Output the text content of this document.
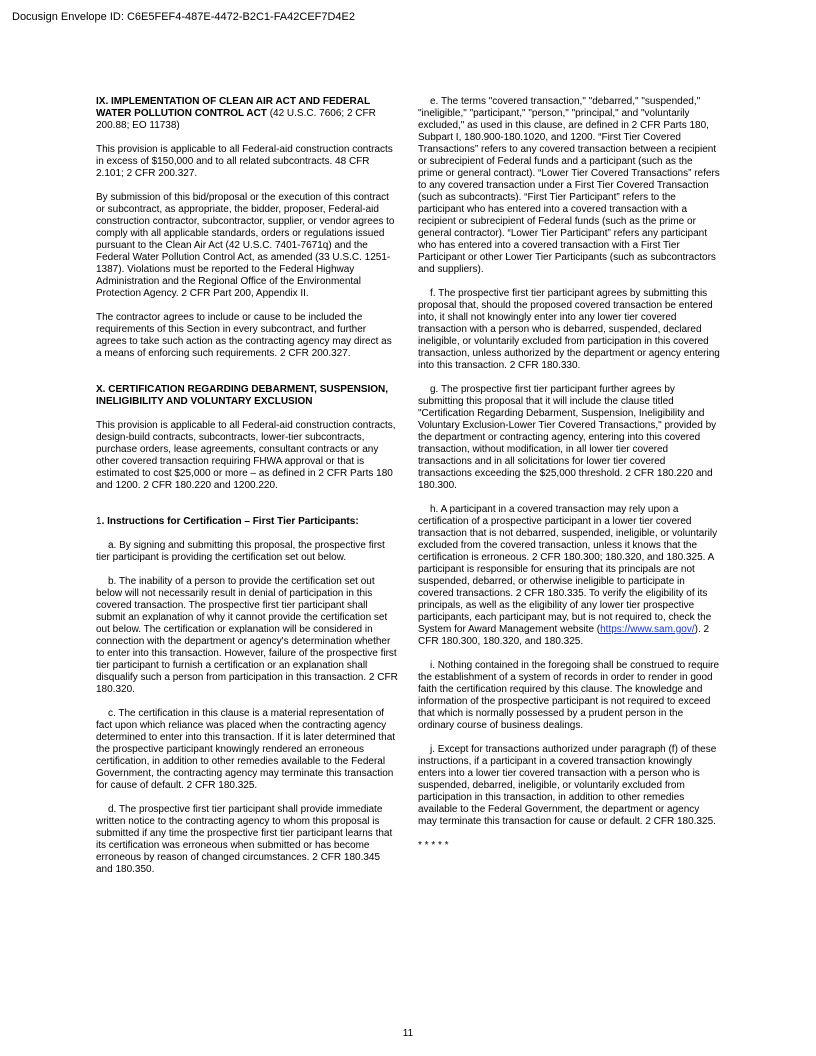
Docusign Envelope ID: C6E5FEF4-487E-4472-B2C1-FA42CEF7D4E2
IX. IMPLEMENTATION OF CLEAN AIR ACT AND FEDERAL WATER POLLUTION CONTROL ACT (42 U.S.C. 7606; 2 CFR 200.88; EO 11738)

This provision is applicable to all Federal-aid construction contracts in excess of $150,000 and to all related subcontracts. 48 CFR 2.101; 2 CFR 200.327.

By submission of this bid/proposal or the execution of this contract or subcontract, as appropriate, the bidder, proposer, Federal-aid construction contractor, subcontractor, supplier, or vendor agrees to comply with all applicable standards, orders or regulations issued pursuant to the Clean Air Act (42 U.S.C. 7401-7671q) and the Federal Water Pollution Control Act, as amended (33 U.S.C. 1251-1387). Violations must be reported to the Federal Highway Administration and the Regional Office of the Environmental Protection Agency. 2 CFR Part 200, Appendix II.

The contractor agrees to include or cause to be included the requirements of this Section in every subcontract, and further agrees to take such action as the contracting agency may direct as a means of enforcing such requirements. 2 CFR 200.327.

X. CERTIFICATION REGARDING DEBARMENT, SUSPENSION, INELIGIBILITY AND VOLUNTARY EXCLUSION

This provision is applicable to all Federal-aid construction contracts, design-build contracts, subcontracts, lower-tier subcontracts, purchase orders, lease agreements, consultant contracts or any other covered transaction requiring FHWA approval or that is estimated to cost $25,000 or more – as defined in 2 CFR Parts 180 and 1200. 2 CFR 180.220 and 1200.220.

1. Instructions for Certification – First Tier Participants:

a. By signing and submitting this proposal, the prospective first tier participant is providing the certification set out below.

b. The inability of a person to provide the certification set out below will not necessarily result in denial of participation in this covered transaction. The prospective first tier participant shall submit an explanation of why it cannot provide the certification set out below. The certification or explanation will be considered in connection with the department or agency's determination whether to enter into this transaction. However, failure of the prospective first tier participant to furnish a certification or an explanation shall disqualify such a person from participation in this transaction. 2 CFR 180.320.

c. The certification in this clause is a material representation of fact upon which reliance was placed when the contracting agency determined to enter into this transaction. If it is later determined that the prospective participant knowingly rendered an erroneous certification, in addition to other remedies available to the Federal Government, the contracting agency may terminate this transaction for cause of default. 2 CFR 180.325.

d. The prospective first tier participant shall provide immediate written notice to the contracting agency to whom this proposal is submitted if any time the prospective first tier participant learns that its certification was erroneous when submitted or has become erroneous by reason of changed circumstances. 2 CFR 180.345 and 180.350.

e. The terms "covered transaction," "debarred," "suspended," "ineligible," "participant," "person," "principal," and "voluntarily excluded," as used in this clause, are defined in 2 CFR Parts 180, Subpart I, 180.900-180.1020, and 1200. “First Tier Covered Transactions” refers to any covered transaction between a recipient or subrecipient of Federal funds and a participant (such as the prime or general contract). “Lower Tier Covered Transactions” refers to any covered transaction under a First Tier Covered Transaction (such as subcontracts). “First Tier Participant” refers to the participant who has entered into a covered transaction with a recipient or subrecipient of Federal funds (such as the prime or general contractor). “Lower Tier Participant” refers any participant who has entered into a covered transaction with a First Tier Participant or other Lower Tier Participants (such as subcontractors and suppliers).

f. The prospective first tier participant agrees by submitting this proposal that, should the proposed covered transaction be entered into, it shall not knowingly enter into any lower tier covered transaction with a person who is debarred, suspended, declared ineligible, or voluntarily excluded from participation in this covered transaction, unless authorized by the department or agency entering into this transaction. 2 CFR 180.330.

g. The prospective first tier participant further agrees by submitting this proposal that it will include the clause titled "Certification Regarding Debarment, Suspension, Ineligibility and Voluntary Exclusion-Lower Tier Covered Transactions," provided by the department or contracting agency, entering into this covered transaction, without modification, in all lower tier covered transactions and in all solicitations for lower tier covered transactions exceeding the $25,000 threshold. 2 CFR 180.220 and 180.300.

h. A participant in a covered transaction may rely upon a certification of a prospective participant in a lower tier covered transaction that is not debarred, suspended, ineligible, or voluntarily excluded from the covered transaction, unless it knows that the certification is erroneous. 2 CFR 180.300; 180.320, and 180.325. A participant is responsible for ensuring that its principals are not suspended, debarred, or otherwise ineligible to participate in covered transactions. 2 CFR 180.335. To verify the eligibility of its principals, as well as the eligibility of any lower tier prospective participants, each participant may, but is not required to, check the System for Award Management website (https://www.sam.gov/). 2 CFR 180.300, 180.320, and 180.325.

i. Nothing contained in the foregoing shall be construed to require the establishment of a system of records in order to render in good faith the certification required by this clause. The knowledge and information of the prospective participant is not required to exceed that which is normally possessed by a prudent person in the ordinary course of business dealings.

j. Except for transactions authorized under paragraph (f) of these instructions, if a participant in a covered transaction knowingly enters into a lower tier covered transaction with a person who is suspended, debarred, ineligible, or voluntarily excluded from participation in this transaction, in addition to other remedies available to the Federal Government, the department or agency may terminate this transaction for cause or default. 2 CFR 180.325.

* * * * *

11
